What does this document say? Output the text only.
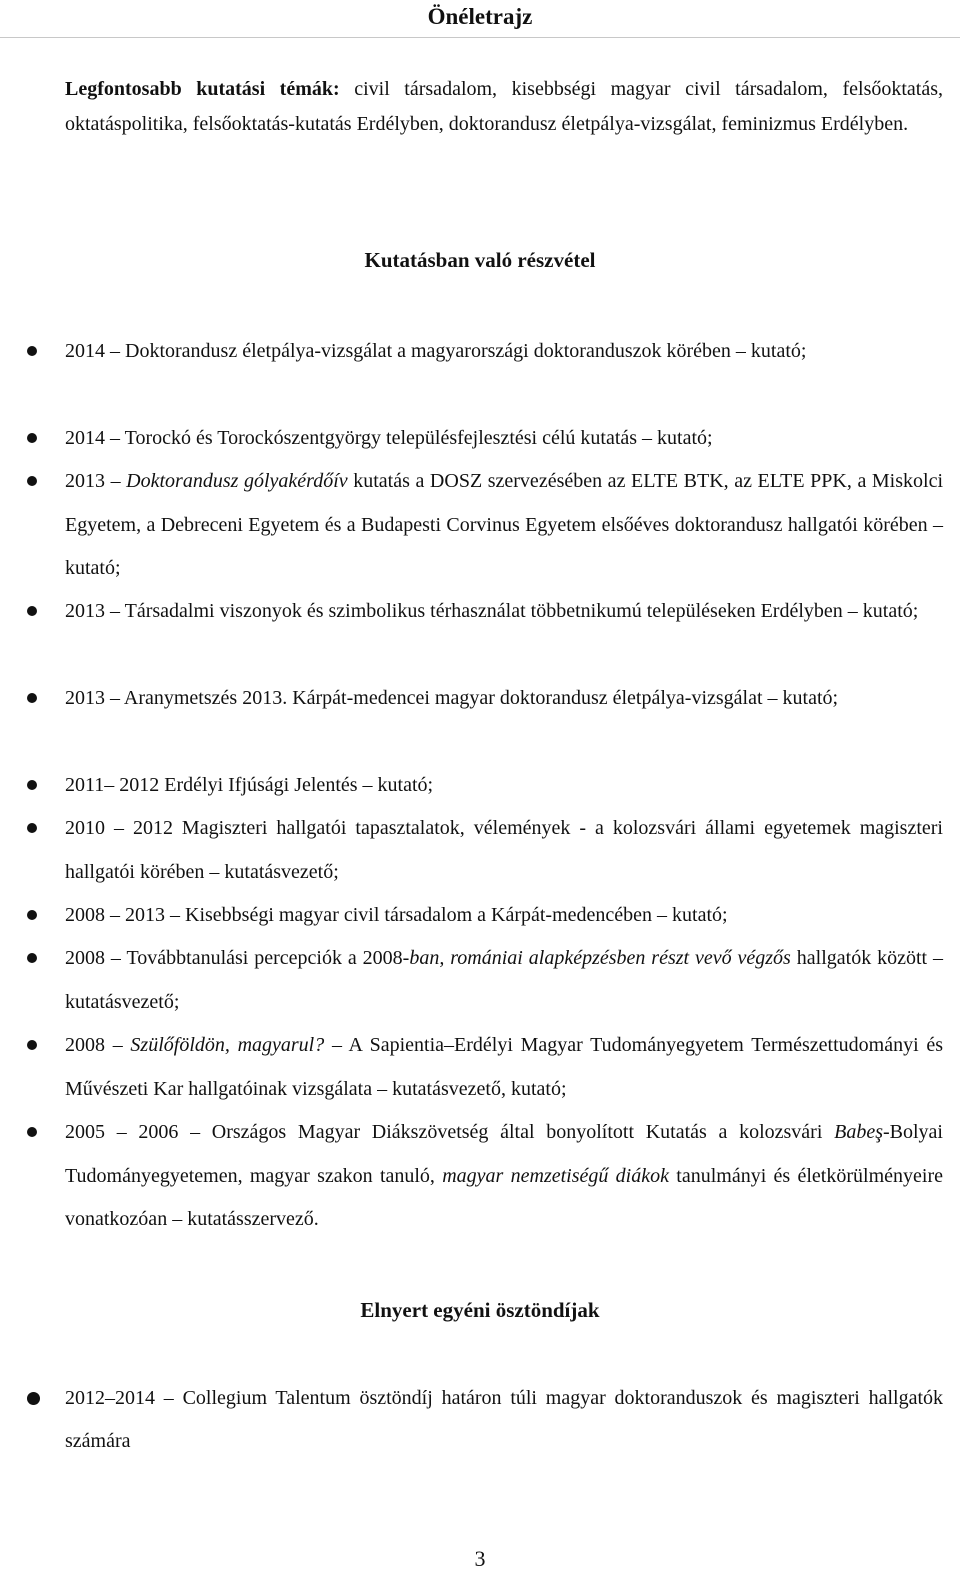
Önéletrajz
Legfontosabb kutatási témák: civil társadalom, kisebbségi magyar civil társadalom, felsőoktatás, oktatáspolitika, felsőoktatás-kutatás Erdélyben, doktorandusz életpálya-vizsgálat, feminizmus Erdélyben.
Kutatásban való részvétel
2014 – Doktorandusz életpálya-vizsgálat a magyarországi doktoranduszok körében – kutató;
2014 – Torockó és Torockószentgyörgy településfejlesztési célú kutatás – kutató;
2013 – Doktorandusz gólyakérdőív kutatás a DOSZ szervezésében az ELTE BTK, az ELTE PPK, a Miskolci Egyetem, a Debreceni Egyetem és a Budapesti Corvinus Egyetem elsőéves doktorandusz hallgatói körében – kutató;
2013 – Társadalmi viszonyok és szimbolikus térhasználat többetnikumú településeken Erdélyben – kutató;
2013 – Aranymetszés 2013. Kárpát-medencei magyar doktorandusz életpálya-vizsgálat – kutató;
2011– 2012 Erdélyi Ifjúsági Jelentés – kutató;
2010 – 2012 Magiszteri hallgatói tapasztalatok, vélemények - a kolozsvári állami egyetemek magiszteri hallgatói körében – kutatásvezető;
2008 – 2013 – Kisebbségi magyar civil társadalom a Kárpát-medencében – kutató;
2008 – Továbbtanulási percepciók a 2008-ban, romániai alapképzésben részt vevő végzős hallgatók között – kutatásvezető;
2008 – Szülőföldön, magyarul? – A Sapientia–Erdélyi Magyar Tudományegyetem Természettudományi és Művészeti Kar hallgatóinak vizsgálata – kutatásvezető, kutató;
2005 – 2006 – Országos Magyar Diákszövetség által bonyolított Kutatás a kolozsvári Babeş-Bolyai Tudományegyetemen, magyar szakon tanuló, magyar nemzetiségű diákok tanulmányi és életkörülményeire vonatkozóan – kutatásszervező.
Elnyert egyéni ösztöndíjak
2012–2014 – Collegium Talentum ösztöndíj határon túli magyar doktoranduszok és magiszteri hallgatók számára
3
